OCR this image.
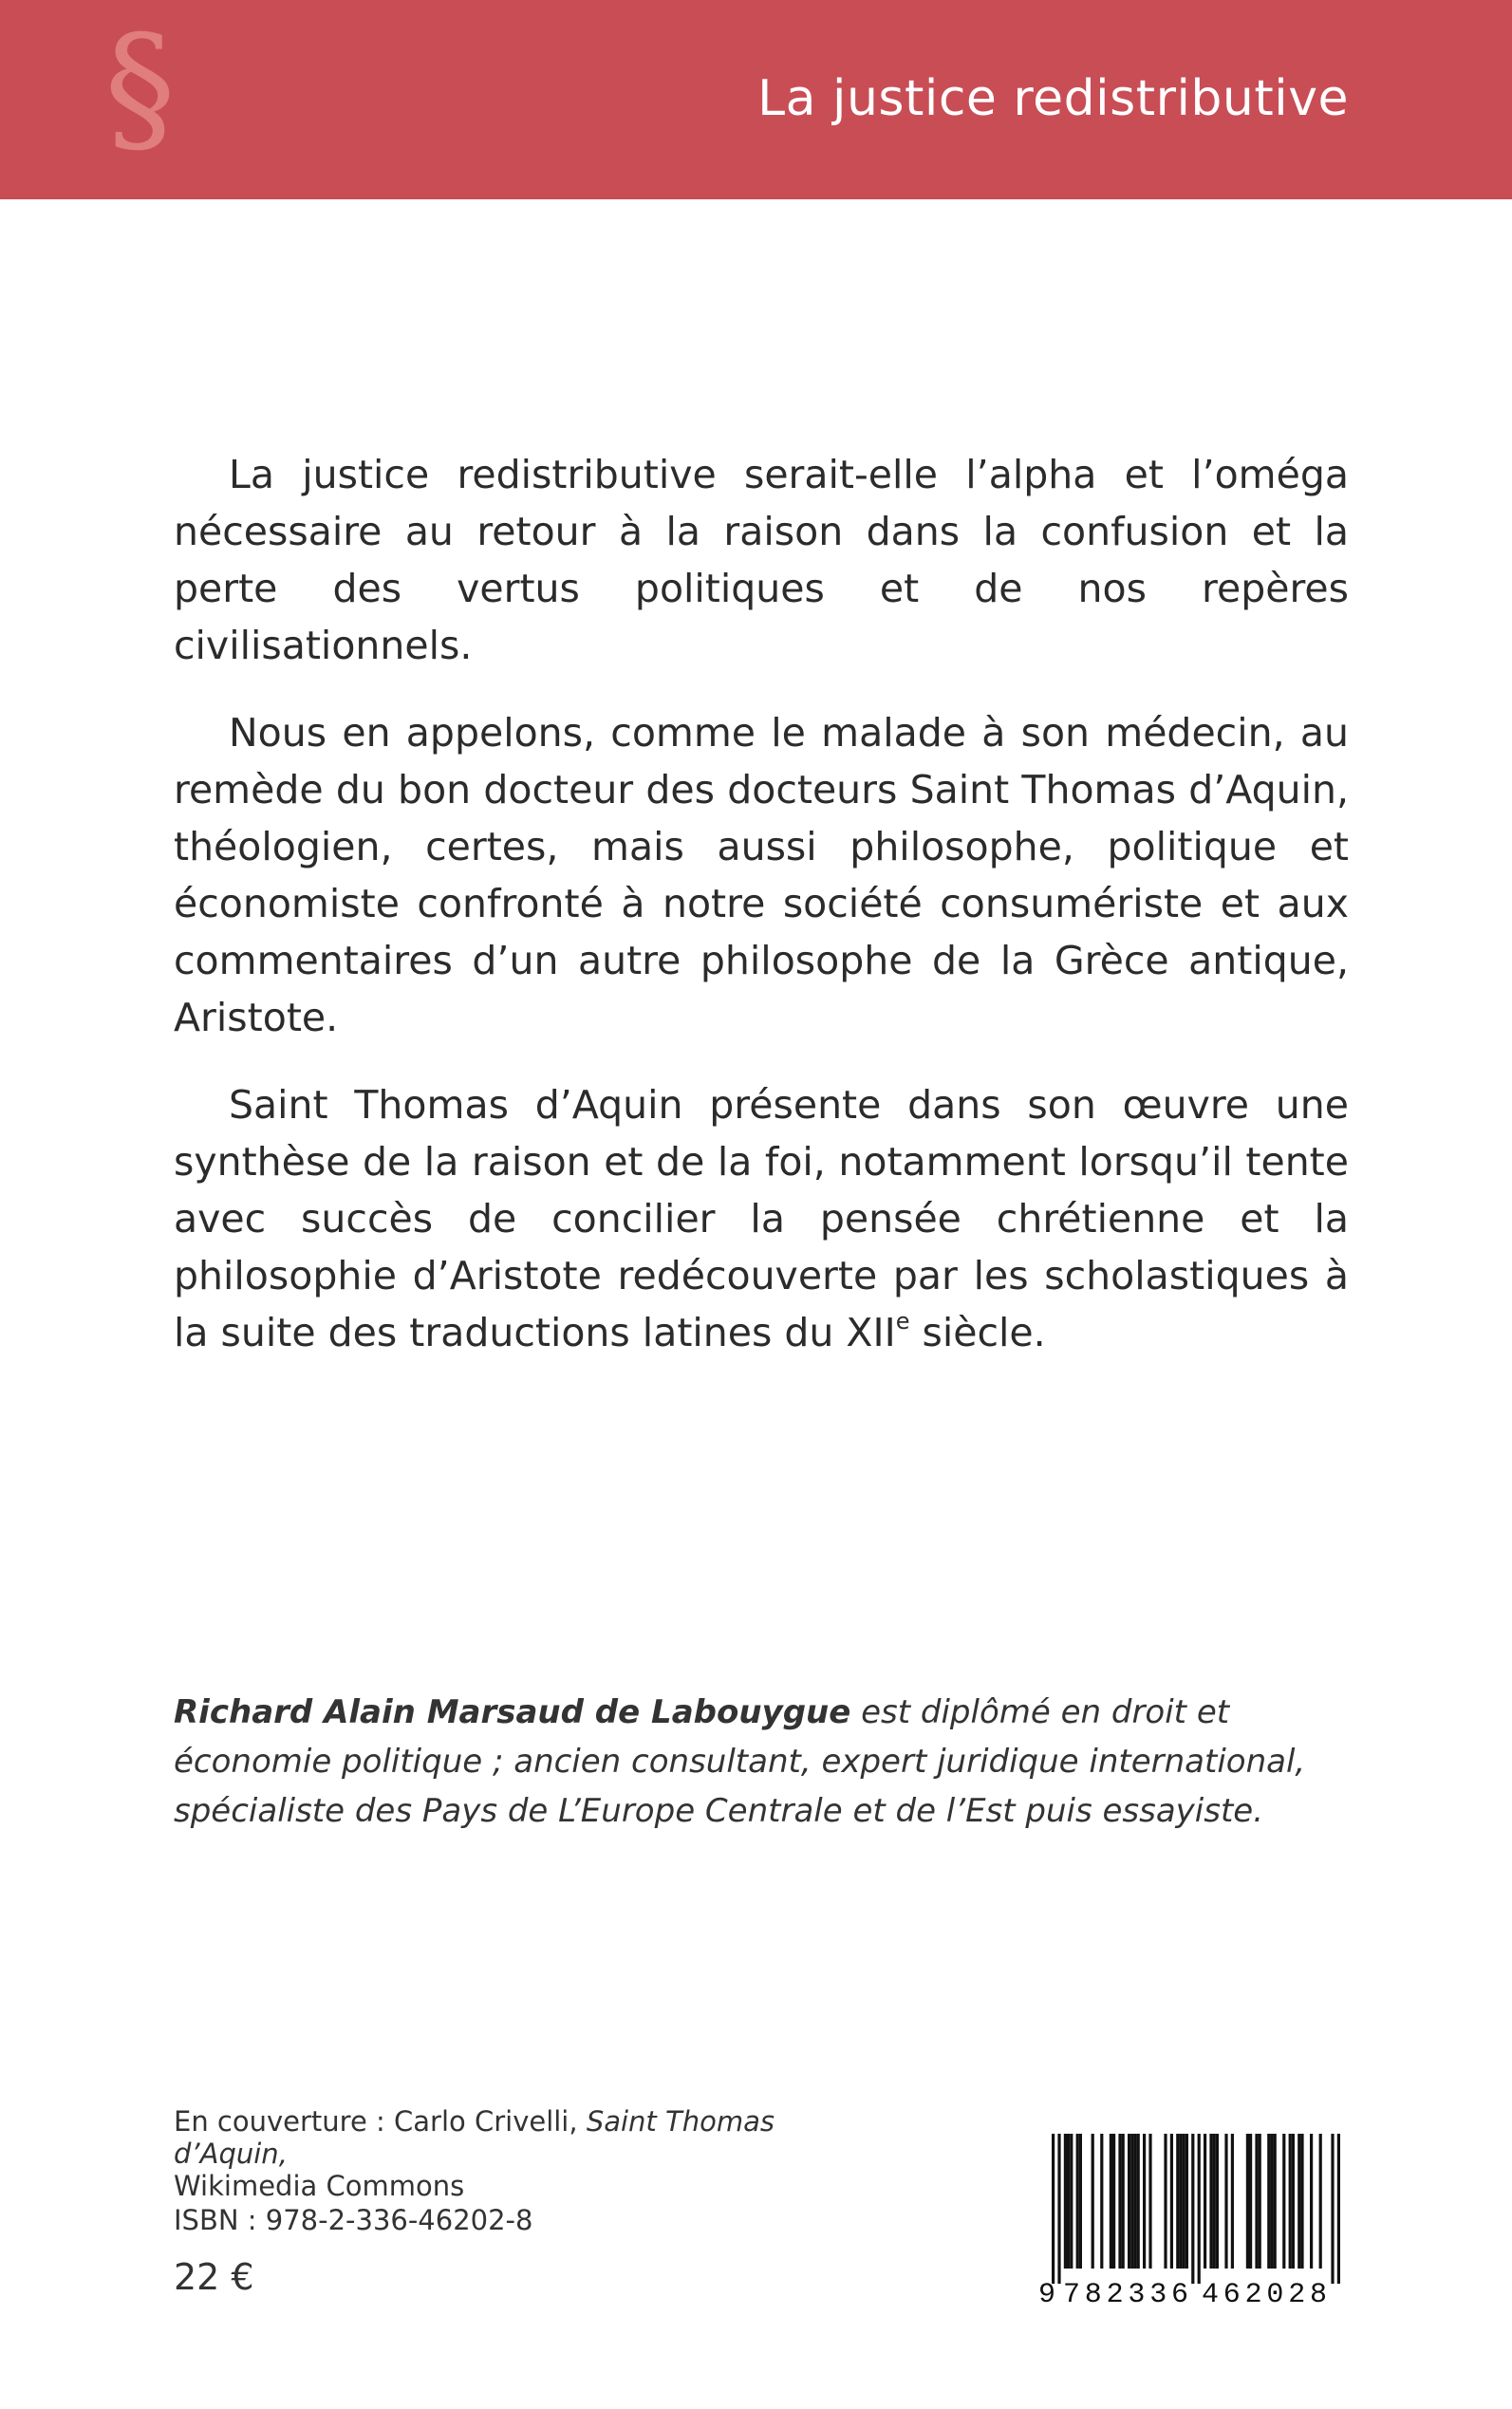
§	La justice redistributive

La justice redistributive serait-elle l’alpha et l’oméga nécessaire au retour à la raison dans la confusion et la perte des vertus politiques et de nos repères civilisationnels.

Nous en appelons, comme le malade à son médecin, au remède du bon docteur des docteurs Saint Thomas d’Aquin, théologien, certes, mais aussi philosophe, politique et économiste confronté à notre société consumériste et aux commentaires d’un autre philosophe de la Grèce antique, Aristote.

Saint Thomas d’Aquin présente dans son œuvre une synthèse de la raison et de la foi, notamment lorsqu’il tente avec succès de concilier la pensée chrétienne et la philosophie d’Aristote redécouverte par les scholastiques à la suite des traductions latines du XIIe siècle.

Richard Alain Marsaud de Labouygue est diplômé en droit et économie politique ; ancien consultant, expert juridique international, spécialiste des Pays de L’Europe Centrale et de l’Est puis essayiste.
En couverture : Carlo Crivelli, Saint Thomas d’Aquin,
Wikimedia Commons
ISBN : 978-2-336-46202-8
22 €	9 782336 462028
